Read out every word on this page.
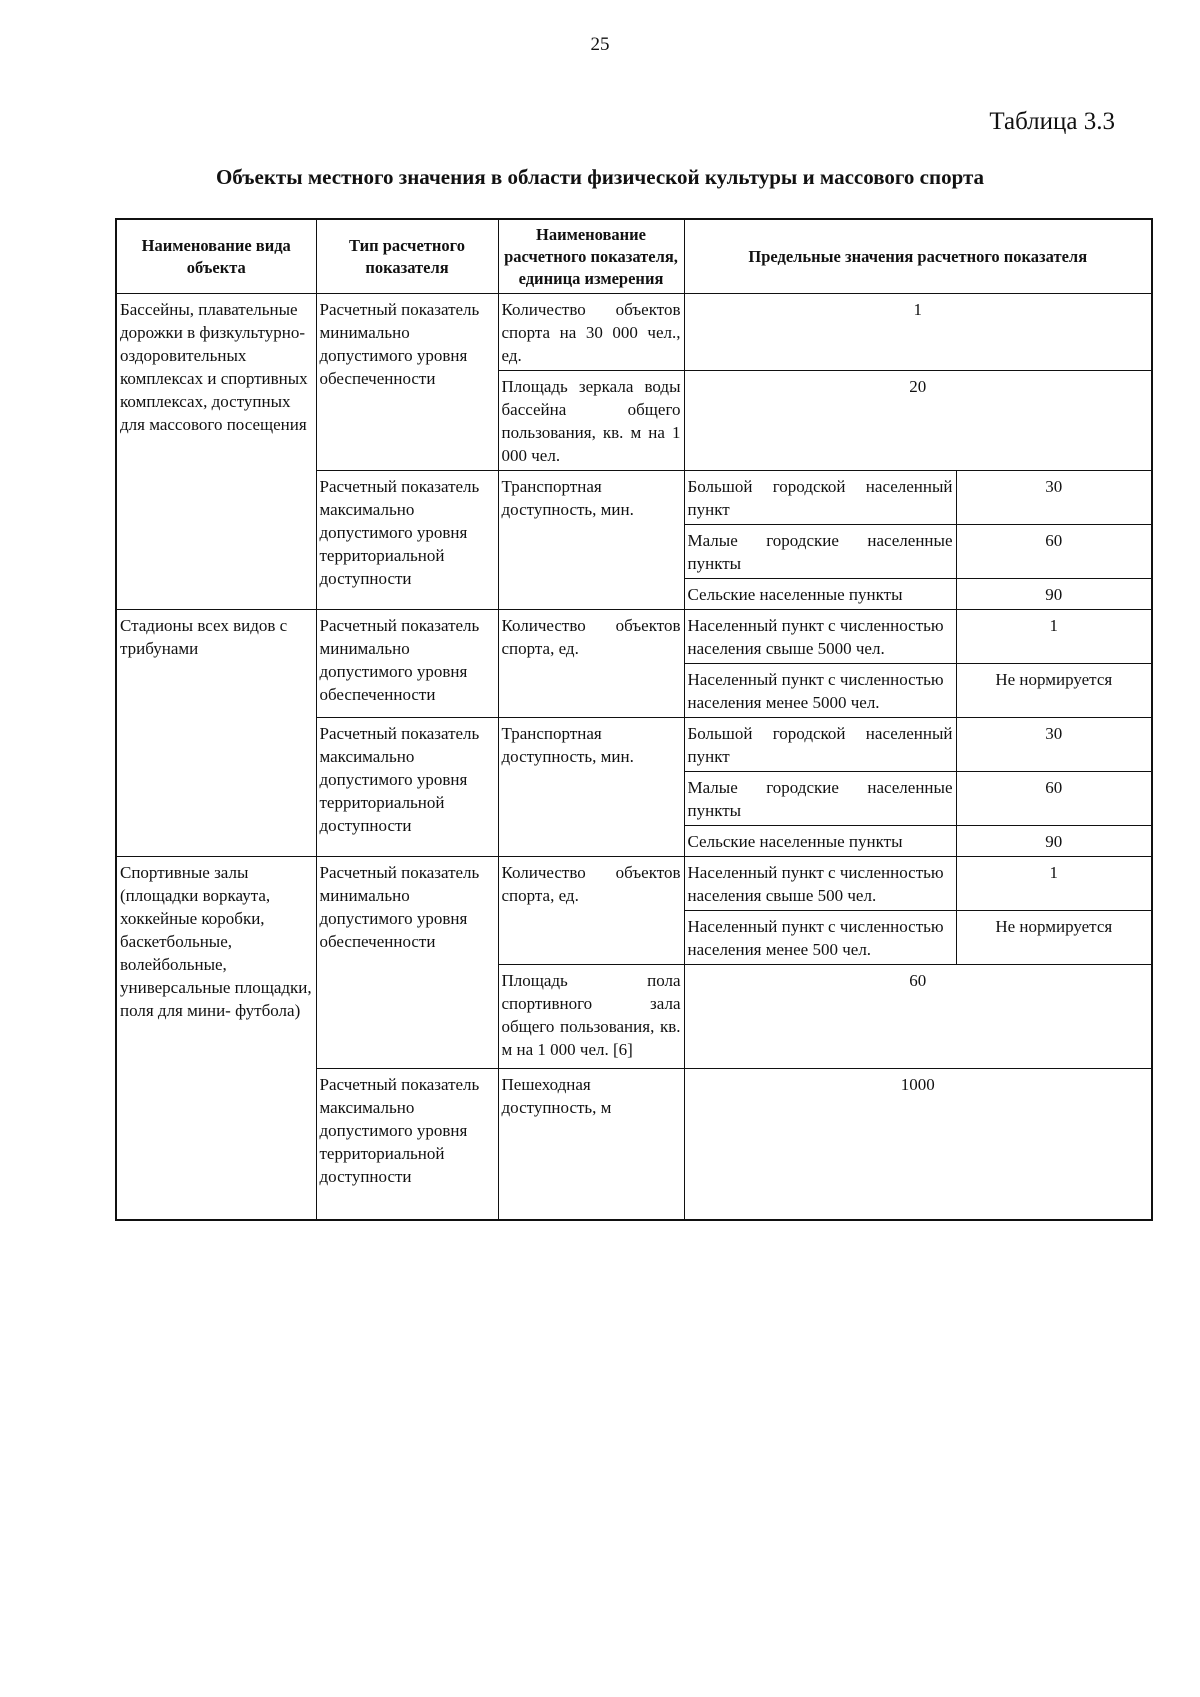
25
Таблица 3.3
Объекты местного значения в области физической культуры и массового спорта
Наименование вида объекта	Тип расчетного показателя	Наименование расчетного показателя, единица измерения	Предельные значения расчетного показателя	
Бассейны, плавательные дорожки в физкультурно-оздоровительных комплексах и спортивных комплексах, доступных для массового посещения	Расчетный показатель минимально допустимого уровня обеспеченности	Количество объектов спорта на 30 000 чел., ед.	1	
		Площадь зеркала воды бассейна общего пользования, кв. м на 1 000 чел.	20	
	Расчетный показатель максимально допустимого уровня территориальной доступности	Транспортная доступность, мин.	Большой городской населенный пункт	30
			Малые городские населенные пункты	60
			Сельские населенные пункты	90
Стадионы всех видов с трибунами	Расчетный показатель минимально допустимого уровня обеспеченности	Количество объектов спорта, ед.	Населенный пункт с численностью населения свыше 5000 чел.	1
			Населенный пункт с численностью населения менее 5000 чел.	Не нормируется
	Расчетный показатель максимально допустимого уровня территориальной доступности	Транспортная доступность, мин.	Большой городской населенный пункт	30
			Малые городские населенные пункты	60
			Сельские населенные пункты	90
Спортивные залы (площадки воркаута, хоккейные коробки, баскетбольные, волейбольные, универсальные площадки, поля для мини- футбола)	Расчетный показатель минимально допустимого уровня обеспеченности	Количество объектов спорта, ед.	Населенный пункт с численностью населения свыше 500 чел.	1
			Населенный пункт с численностью населения менее 500 чел.	Не нормируется
		Площадь пола спортивного зала общего пользования, кв. м на 1 000 чел. [6]	60	
	Расчетный показатель максимально допустимого уровня территориальной доступности	Пешеходная доступность, м	1000	
